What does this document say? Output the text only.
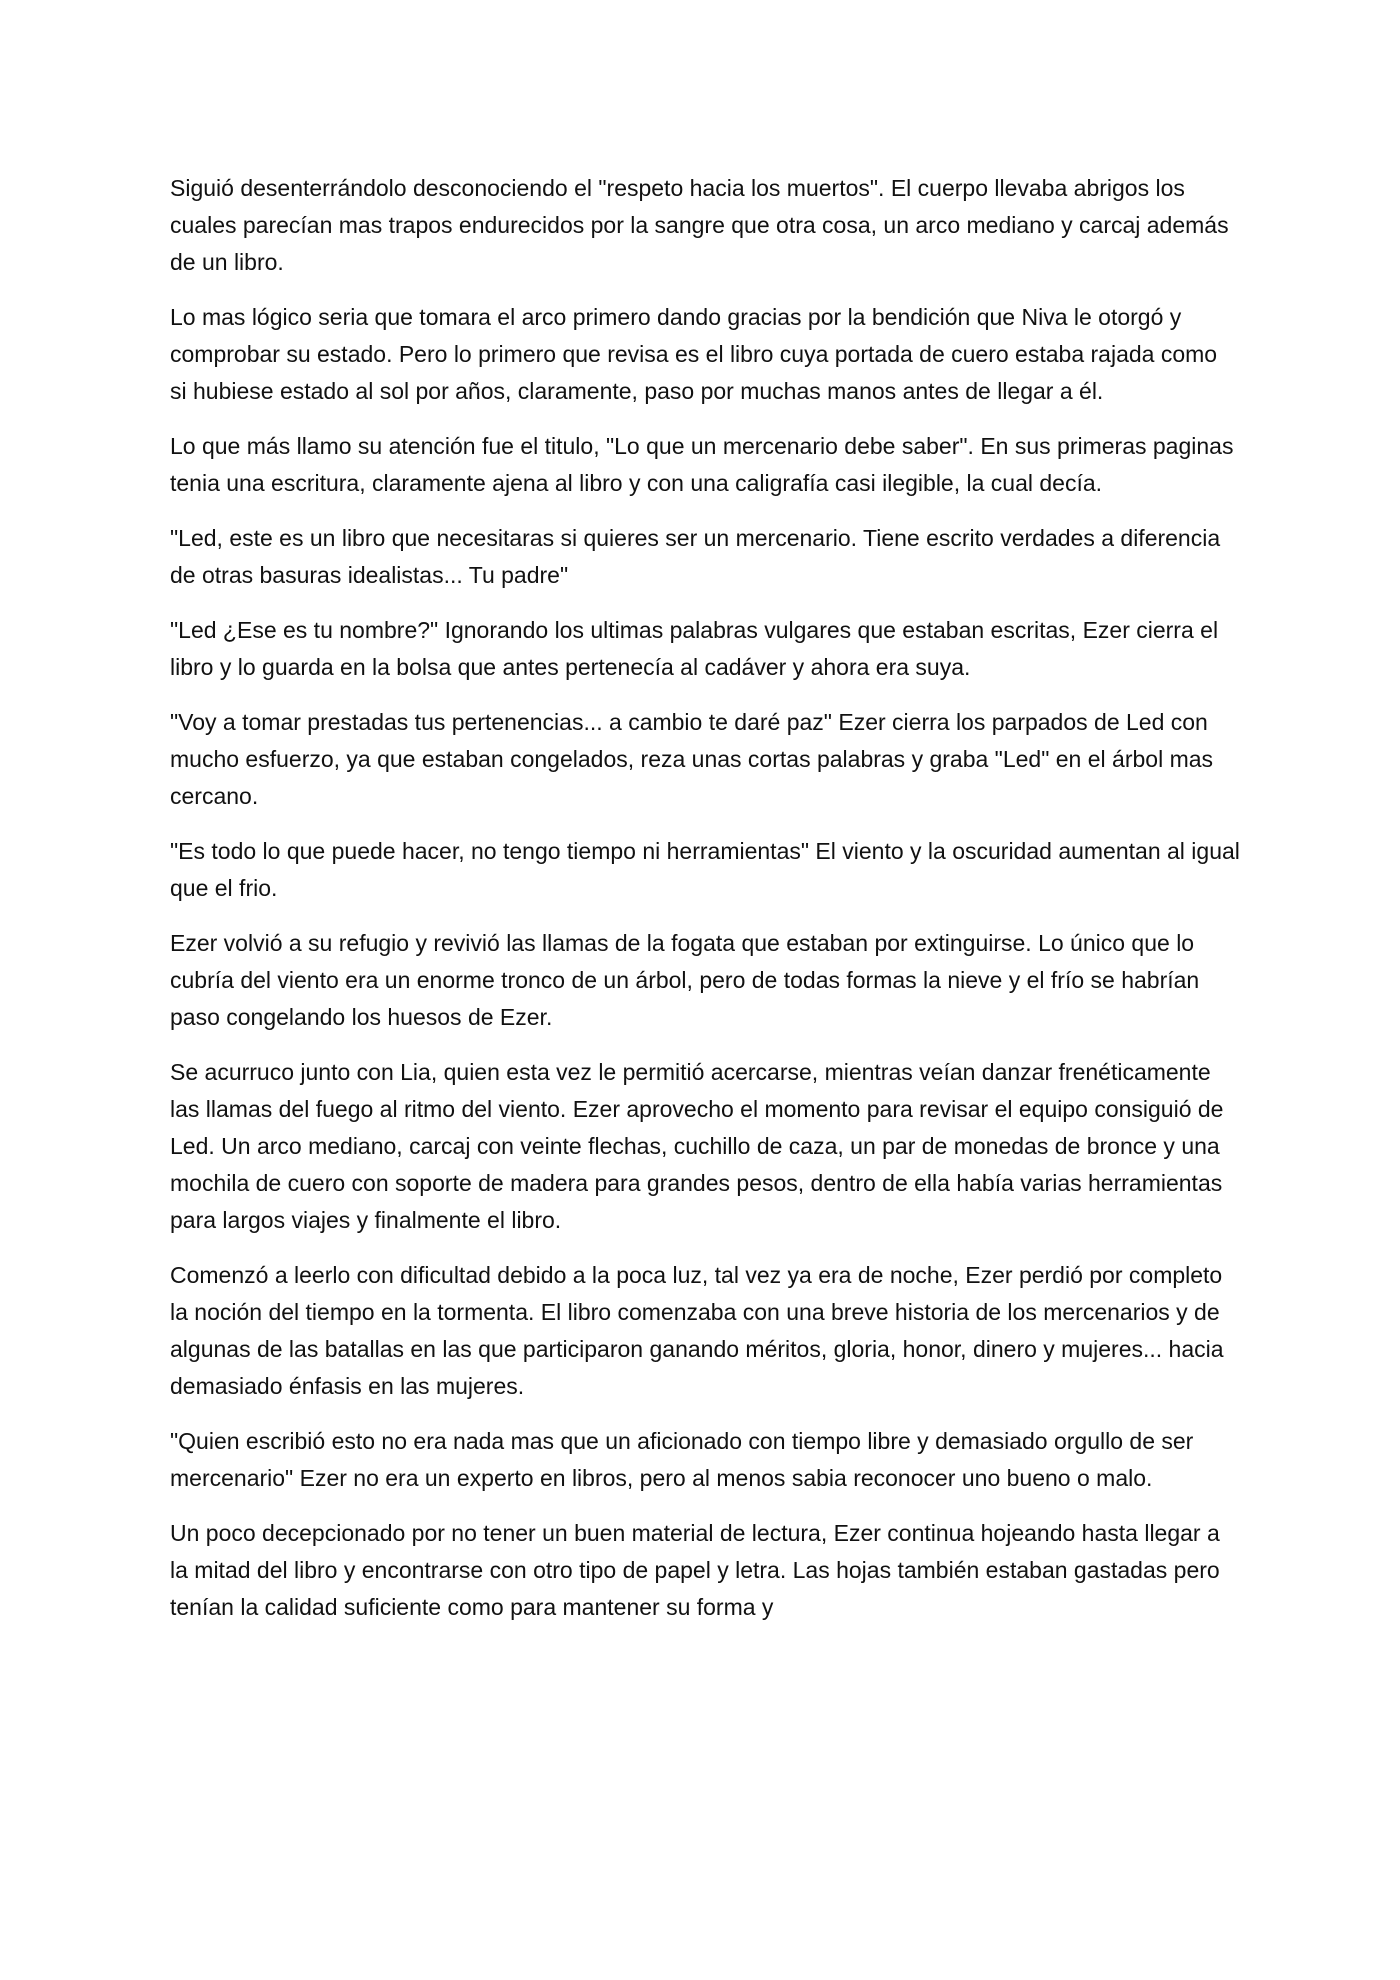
Siguió desenterrándolo desconociendo el "respeto hacia los muertos". El cuerpo llevaba abrigos los cuales parecían mas trapos endurecidos por la sangre que otra cosa, un arco mediano y carcaj además de un libro.

Lo mas lógico seria que tomara el arco primero dando gracias por la bendición que Niva le otorgó y comprobar su estado. Pero lo primero que revisa es el libro cuya portada de cuero estaba rajada como si hubiese estado al sol por años, claramente, paso por muchas manos antes de llegar a él.

Lo que más llamo su atención fue el titulo, "Lo que un mercenario debe saber". En sus primeras paginas tenia una escritura, claramente ajena al libro y con una caligrafía casi ilegible, la cual decía.

"Led, este es un libro que necesitaras si quieres ser un mercenario. Tiene escrito verdades a diferencia de otras basuras idealistas... Tu padre"

"Led ¿Ese es tu nombre?" Ignorando los ultimas palabras vulgares que estaban escritas, Ezer cierra el libro y lo guarda en la bolsa que antes pertenecía al cadáver y ahora era suya.

"Voy a tomar prestadas tus pertenencias... a cambio te daré paz" Ezer cierra los parpados de Led con mucho esfuerzo, ya que estaban congelados, reza unas cortas palabras y graba "Led" en el árbol mas cercano.

"Es todo lo que puede hacer, no tengo tiempo ni herramientas" El viento y la oscuridad aumentan al igual que el frio.

Ezer volvió a su refugio y revivió las llamas de la fogata que estaban por extinguirse. Lo único que lo cubría del viento era un enorme tronco de un árbol, pero de todas formas la nieve y el frío se habrían paso congelando los huesos de Ezer.

Se acurruco junto con Lia, quien esta vez le permitió acercarse, mientras veían danzar frenéticamente las llamas del fuego al ritmo del viento. Ezer aprovecho el momento para revisar el equipo consiguió de Led. Un arco mediano, carcaj con veinte flechas, cuchillo de caza, un par de monedas de bronce y una mochila de cuero con soporte de madera para grandes pesos, dentro de ella había varias herramientas para largos viajes y finalmente el libro.

Comenzó a leerlo con dificultad debido a la poca luz, tal vez ya era de noche, Ezer perdió por completo la noción del tiempo en la tormenta. El libro comenzaba con una breve historia de los mercenarios y de algunas de las batallas en las que participaron ganando méritos, gloria, honor, dinero y mujeres... hacia demasiado énfasis en las mujeres.

"Quien escribió esto no era nada mas que un aficionado con tiempo libre y demasiado orgullo de ser mercenario" Ezer no era un experto en libros, pero al menos sabia reconocer uno bueno o malo.

Un poco decepcionado por no tener un buen material de lectura, Ezer continua hojeando hasta llegar a la mitad del libro y encontrarse con otro tipo de papel y letra. Las hojas también estaban gastadas pero tenían la calidad suficiente como para mantener su forma y
